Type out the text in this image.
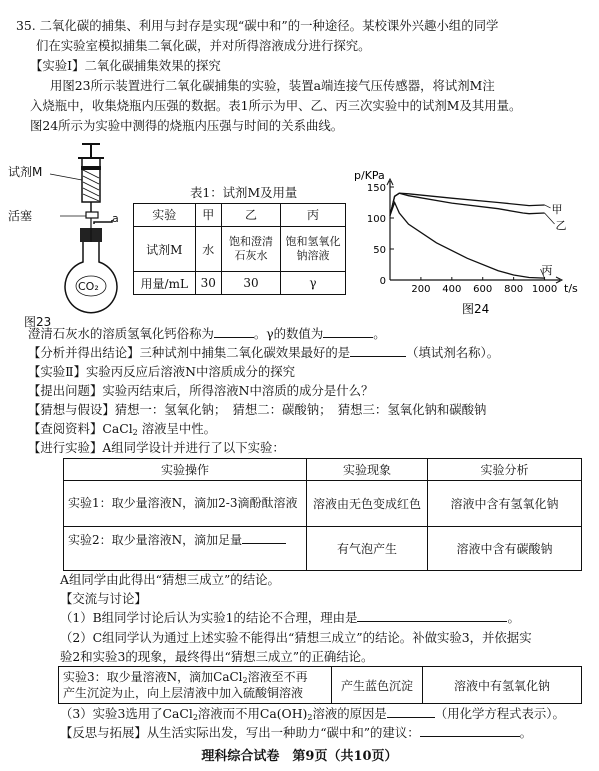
35. 二氧化碳的捕集、利用与封存是实现“碳中和”的一种途径。某校课外兴趣小组的同学
们在实验室模拟捕集二氧化碳，并对所得溶液成分进行探究。
【实验Ⅰ】二氧化碳捕集效果的探究
用图23所示装置进行二氧化碳捕集的实验，装置a端连接气压传感器，将试剂M注
入烧瓶中，收集烧瓶内压强的数据。表1所示为甲、乙、丙三次实验中的试剂M及其用量。
图24所示为实验中测得的烧瓶内压强与时间的关系曲线。
试剂M
活塞	a
CO₂
图23
表1：试剂M及用量
实验	甲	乙	丙
试剂M	水	饱和澄清石灰水	饱和氢氧化钠溶液
用量/mL	30	30	γ
p/KPa
t/s
图24
150
100
50
0
200 400 600 800 1000
甲
乙
丙
澄清石灰水的溶质氢氧化钙俗称为	。γ的数值为	。
【分析并得出结论】三种试剂中捕集二氧化碳效果最好的是	（填试剂名称）。
【实验Ⅱ】实验丙反应后溶液N中溶质成分的探究
【提出问题】实验丙结束后，所得溶液N中溶质的成分是什么？
【猜想与假设】猜想一：氢氧化钠；　猜想二：碳酸钠；　猜想三：氢氧化钠和碳酸钠
【查阅资料】CaCl$_2$ 溶液呈中性。
【进行实验】A组同学设计并进行了以下实验：
实验操作	实验现象	实验分析
实验1：取少量溶液N，滴加2-3滴酚酞溶液	溶液由无色变成红色	溶液中含有氢氧化钠
实验2：取少量溶液N，滴加足量	有气泡产生	溶液中含有碳酸钠
A组同学由此得出“猜想三成立”的结论。
【交流与讨论】
（1）B组同学讨论后认为实验1的结论不合理，理由是	。
（2）C组同学认为通过上述实验不能得出“猜想三成立”的结论。补做实验3，并依据实
验2和实验3的现象，最终得出“猜想三成立”的正确结论。
实验3：取少量溶液N，滴加CaCl$_2$溶液至不再
产生沉淀为止，向上层清液中加入硫酸铜溶液	产生蓝色沉淀	溶液中有氢氧化钠
（3）实验3选用了CaCl$_2$溶液而不用$Ca(OH)_2$溶液的原因是	（用化学方程式表示）。
【反思与拓展】从生活实际出发，写出一种助力“碳中和”的建议：	。
理科综合试卷　第9页（共10页）
